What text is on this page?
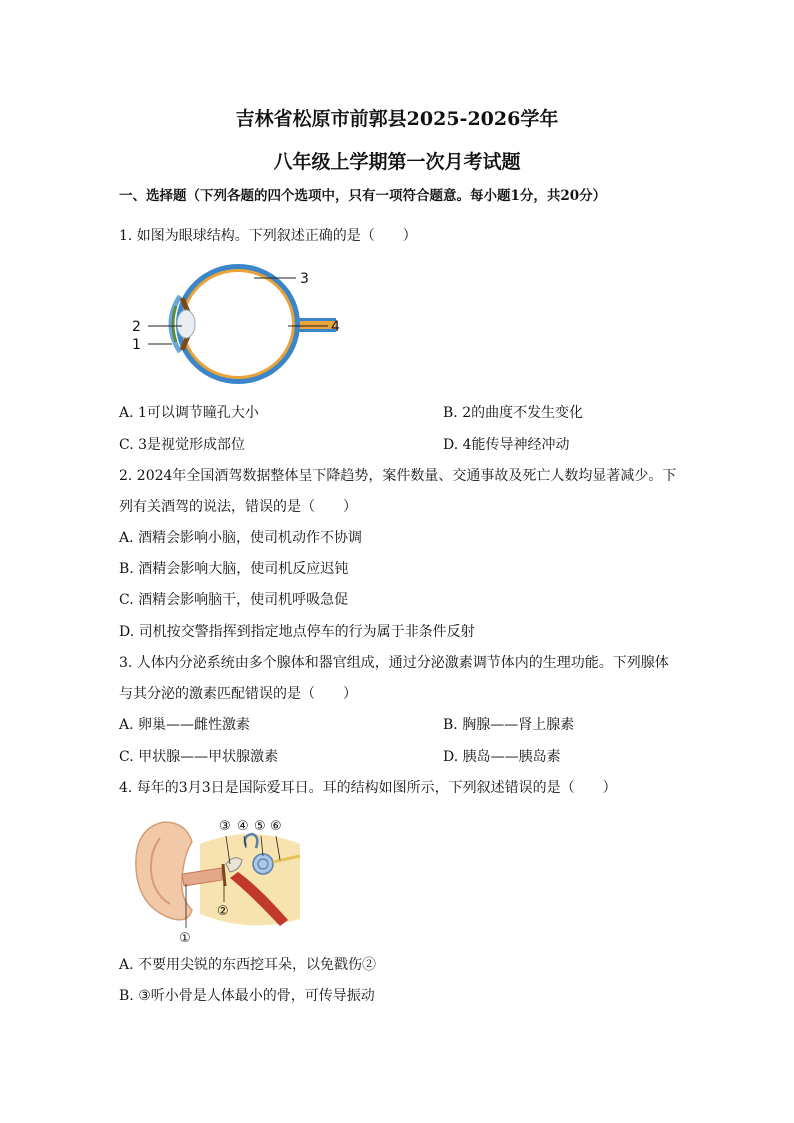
吉林省松原市前郭县2025-2026学年
八年级上学期第一次月考试题
一、选择题（下列各题的四个选项中，只有一项符合题意。每小题1分，共20分）
1. 如图为眼球结构。下列叙述正确的是（　　）
3
4
2
1
A. 1可以调节瞳孔大小	B. 2的曲度不发生变化
C. 3是视觉形成部位	D. 4能传导神经冲动
2. 2024年全国酒驾数据整体呈下降趋势，案件数量、交通事故及死亡人数均显著减少。下
列有关酒驾的说法，错误的是（　　）
A. 酒精会影响小脑，使司机动作不协调
B. 酒精会影响大脑，使司机反应迟钝
C. 酒精会影响脑干，使司机呼吸急促
D. 司机按交警指挥到指定地点停车的行为属于非条件反射
3. 人体内分泌系统由多个腺体和器官组成，通过分泌激素调节体内的生理功能。下列腺体
与其分泌的激素匹配错误的是（　　）
A. 卵巢——雌性激素	B. 胸腺——肾上腺素
C. 甲状腺——甲状腺激素	D. 胰岛——胰岛素
4. 每年的3月3日是国际爱耳日。耳的结构如图所示，下列叙述错误的是（　　）
③ ④ ⑤ ⑥
②
①
A. 不要用尖锐的东西挖耳朵，以免戳伤②
B. ③听小骨是人体最小的骨，可传导振动
